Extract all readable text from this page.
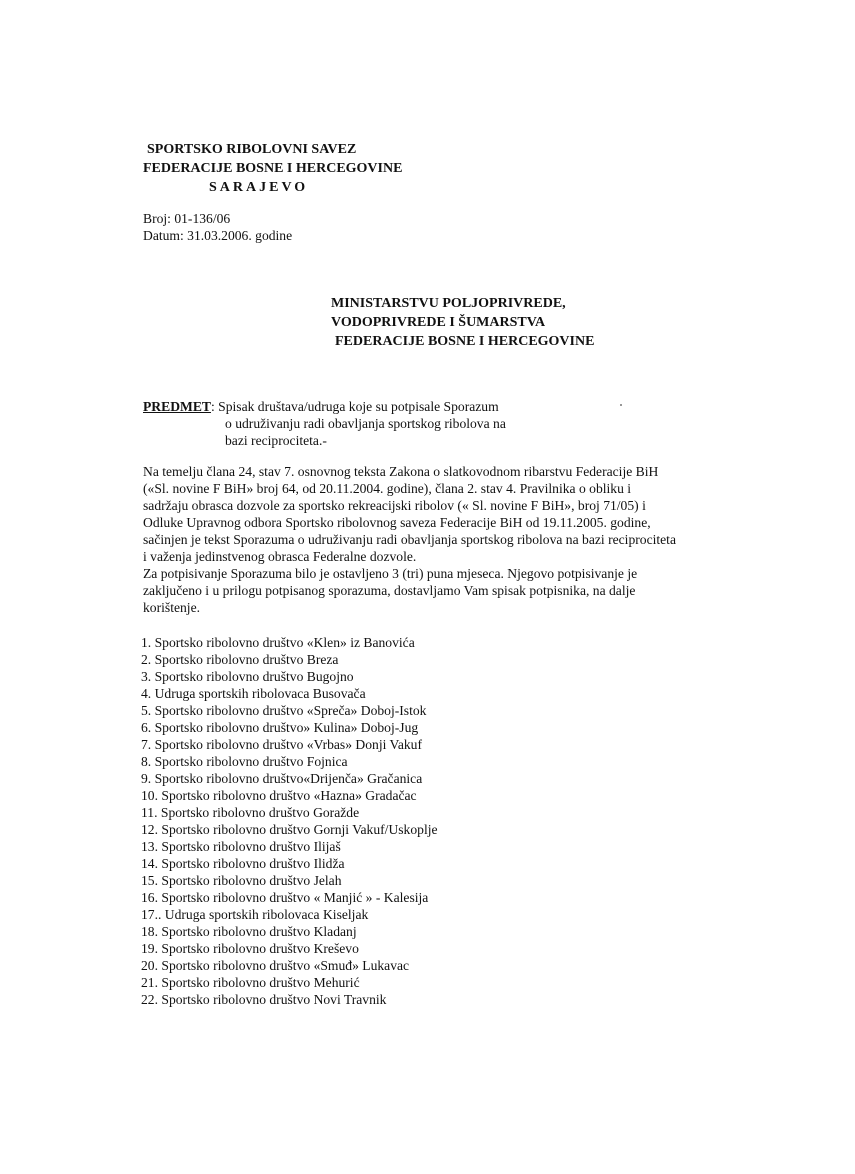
SPORTSKO RIBOLOVNI SAVEZ
FEDERACIJE BOSNE I HERCEGOVINE
SARAJEVO
Broj: 01-136/06
Datum: 31.03.2006. godine
MINISTARSTVU POLJOPRIVREDE,
VODOPRIVREDE I ŠUMARSTVA
FEDERACIJE BOSNE I HERCEGOVINE
PREDMET: Spisak društava/udruga koje su potpisale Sporazum
o udruživanju radi obavljanja sportskog ribolova na
bazi reciprociteta.-
Na temelju člana 24, stav 7. osnovnog teksta Zakona o slatkovodnom ribarstvu Federacije BiH
(«Sl. novine F BiH» broj 64, od 20.11.2004. godine), člana 2. stav 4. Pravilnika o obliku i
sadržaju obrasca dozvole za sportsko rekreacijski ribolov (« Sl. novine F BiH», broj 71/05) i
Odluke Upravnog odbora Sportsko ribolovnog saveza Federacije BiH od 19.11.2005. godine,
sačinjen je tekst Sporazuma o udruživanju radi obavljanja sportskog ribolova na bazi reciprociteta
i važenja jedinstvenog obrasca Federalne dozvole.
Za potpisivanje Sporazuma bilo je ostavljeno 3 (tri) puna mjeseca. Njegovo potpisivanje je
zaključeno i u prilogu potpisanog sporazuma, dostavljamo Vam spisak potpisnika, na dalje
korištenje.
1. Sportsko ribolovno društvo «Klen» iz Banovića
2. Sportsko ribolovno društvo Breza
3. Sportsko ribolovno društvo Bugojno
4. Udruga sportskih ribolovaca Busovača
5. Sportsko ribolovno društvo «Spreča» Doboj-Istok
6. Sportsko ribolovno društvo» Kulina» Doboj-Jug
7. Sportsko ribolovno društvo «Vrbas» Donji Vakuf
8. Sportsko ribolovno društvo Fojnica
9. Sportsko ribolovno društvo«Drijenča» Gračanica
10. Sportsko ribolovno društvo «Hazna» Gradačac
11. Sportsko ribolovno društvo Goražde
12. Sportsko ribolovno društvo Gornji Vakuf/Uskoplje
13. Sportsko ribolovno društvo Ilijaš
14. Sportsko ribolovno društvo Ilidža
15. Sportsko ribolovno društvo Jelah
16. Sportsko ribolovno društvo « Manjić » - Kalesija
17.. Udruga sportskih ribolovaca Kiseljak
18. Sportsko ribolovno društvo Kladanj
19. Sportsko ribolovno društvo Kreševo
20. Sportsko ribolovno društvo «Smuđ» Lukavac
21. Sportsko ribolovno društvo Mehurić
22. Sportsko ribolovno društvo Novi Travnik
